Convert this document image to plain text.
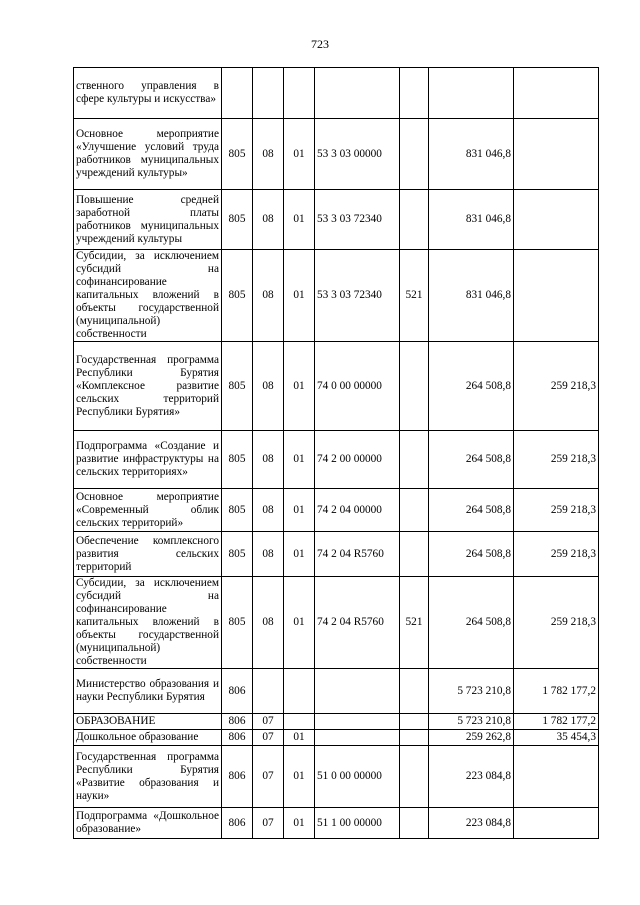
723
ственного управления в сфере культуры и искусства»							
Основное мероприятие «Улучшение условий труда работников муниципальных учреждений культуры»	805	08	01	53 3 03 00000		831 046,8	
Повышение средней заработной платы работников муниципальных учреждений культуры	805	08	01	53 3 03 72340		831 046,8	
Субсидии, за исключением субсидий на софинансирование капитальных вложений в объекты государственной (муниципальной) собственности	805	08	01	53 3 03 72340	521	831 046,8	
Государственная программа Республики Бурятия «Комплексное развитие сельских территорий Республики Бурятия»	805	08	01	74 0 00 00000		264 508,8	259 218,3
Подпрограмма «Создание и развитие инфраструктуры на сельских территориях»	805	08	01	74 2 00 00000		264 508,8	259 218,3
Основное мероприятие «Современный облик сельских территорий»	805	08	01	74 2 04 00000		264 508,8	259 218,3
Обеспечение комплексного развития сельских территорий	805	08	01	74 2 04 R5760		264 508,8	259 218,3
Субсидии, за исключением субсидий на софинансирование капитальных вложений в объекты государственной (муниципальной) собственности	805	08	01	74 2 04 R5760	521	264 508,8	259 218,3
Министерство образования и науки Республики Бурятия	806					5 723 210,8	1 782 177,2
ОБРАЗОВАНИЕ	806	07				5 723 210,8	1 782 177,2
Дошкольное образование	806	07	01			259 262,8	35 454,3
Государственная программа Республики Бурятия «Развитие образования и науки»	806	07	01	51 0 00 00000		223 084,8	
Подпрограмма «Дошкольное образование»	806	07	01	51 1 00 00000		223 084,8	
